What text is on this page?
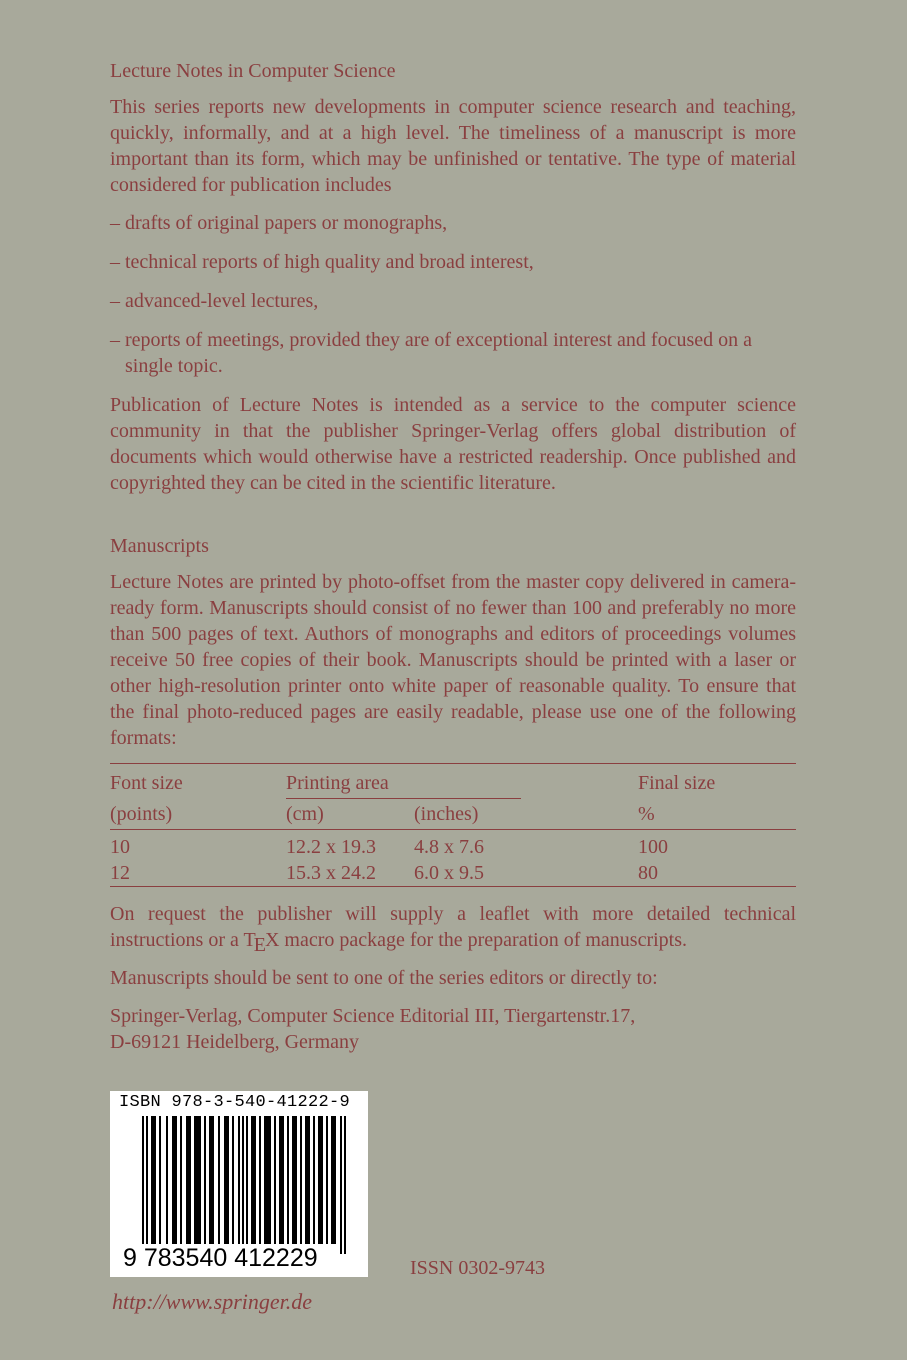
Lecture Notes in Computer Science

This series reports new developments in computer science research and teaching, quickly, informally, and at a high level. The timeliness of a manuscript is more important than its form, which may be unfinished or tentative. The type of material considered for publication includes

– drafts of original papers or monographs,
– technical reports of high quality and broad interest,
– advanced-level lectures,
– reports of meetings, provided they are of exceptional interest and focused on a single topic.

Publication of Lecture Notes is intended as a service to the computer science community in that the publisher Springer-Verlag offers global distribution of documents which would otherwise have a restricted readership. Once published and copyrighted they can be cited in the scientific literature.

Manuscripts

Lecture Notes are printed by photo-offset from the master copy delivered in camera-ready form. Manuscripts should consist of no fewer than 100 and preferably no more than 500 pages of text. Authors of monographs and editors of proceedings volumes receive 50 free copies of their book. Manuscripts should be printed with a laser or other high-resolution printer onto white paper of reasonable quality. To ensure that the final photo-reduced pages are easily readable, please use one of the following formats:

Font size	Printing area		Final size
(points)	(cm)	(inches)	%
10	12.2 x 19.3	4.8 x 7.6	100
12	15.3 x 24.2	6.0 x 9.5	80

On request the publisher will supply a leaflet with more detailed technical instructions or a TEX macro package for the preparation of manuscripts.

Manuscripts should be sent to one of the series editors or directly to:

Springer-Verlag, Computer Science Editorial III, Tiergartenstr.17,
D-69121 Heidelberg, Germany
ISBN 978-3-540-41222-9
9 783540 412229	ISSN 0302-9743
http://www.springer.de
